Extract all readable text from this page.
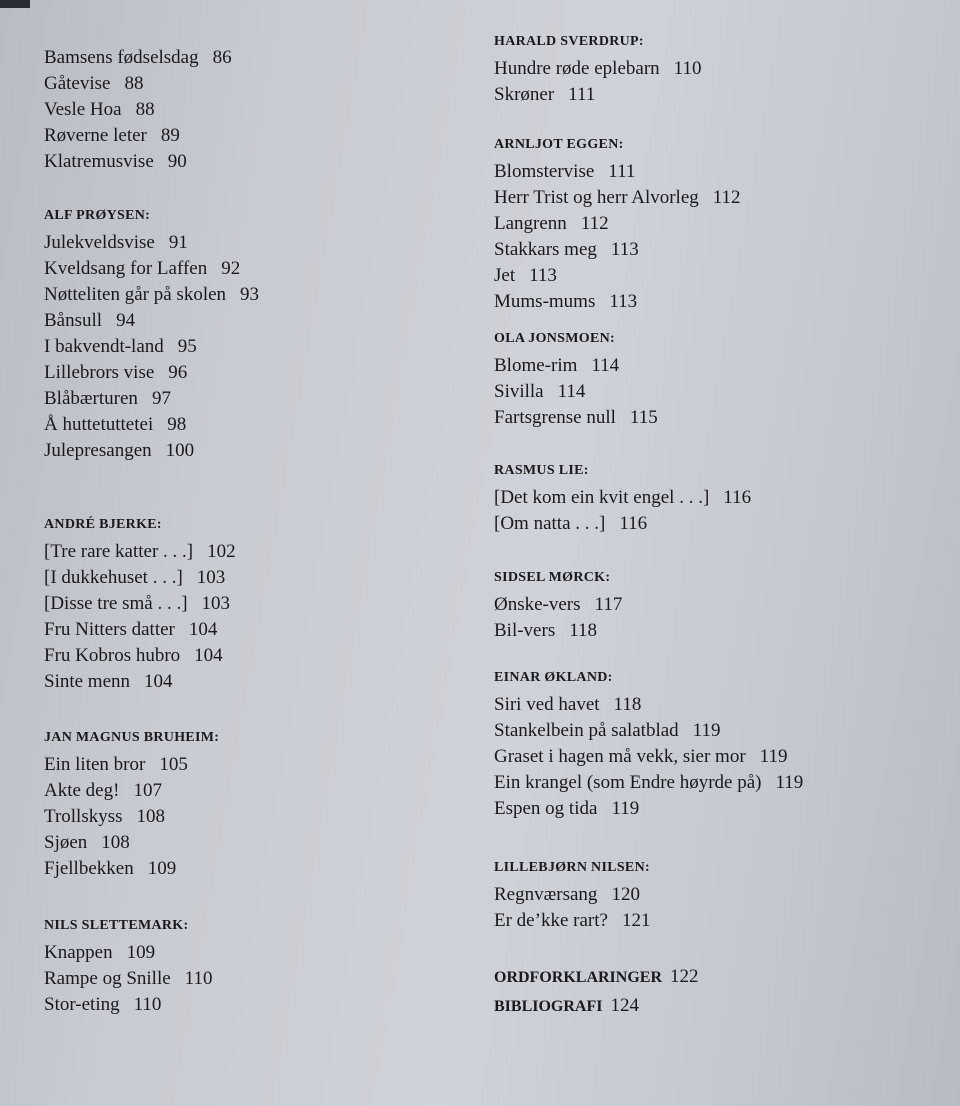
Bamsens fødselsdag 86

Gåtevise 88

Vesle Hoa 88

Røverne leter 89

Klatremusvise 90

ALF PRØYSEN:

Julekveldsvise 91

Kveldsang for Laffen 92

Nøtteliten går på skolen 93

Bånsull 94

I bakvendt-land 95

Lillebrors vise 96

Blåbærturen 97

Å huttetuttetei 98

Julepresangen 100

ANDRÉ BJERKE:

[Tre rare katter . . .] 102

[I dukkehuset . . .] 103

[Disse tre små . . .] 103

Fru Nitters datter 104

Fru Kobros hubro 104

Sinte menn 104

JAN MAGNUS BRUHEIM:

Ein liten bror 105

Akte deg! 107

Trollskyss 108

Sjøen 108

Fjellbekken 109

NILS SLETTEMARK:

Knappen 109

Rampe og Snille 110

Stor-eting 110

HARALD SVERDRUP:

Hundre røde eplebarn 110

Skrøner 111

ARNLJOT EGGEN:

Blomstervise 111

Herr Trist og herr Alvorleg 112

Langrenn 112

Stakkars meg 113

Jet 113

Mums-mums 113

OLA JONSMOEN:

Blome-rim 114

Sivilla 114

Fartsgrense null 115

RASMUS LIE:

[Det kom ein kvit engel . . .] 116

[Om natta . . .] 116

SIDSEL MØRCK:

Ønske-vers 117

Bil-vers 118

EINAR ØKLAND:

Siri ved havet 118

Stankelbein på salatblad 119

Graset i hagen må vekk, sier mor 119

Ein krangel (som Endre høyrde på) 119

Espen og tida 119

LILLEBJØRN NILSEN:

Regnværsang 120

Er de’kke rart? 121

ORDFORKLARINGER 122
BIBLIOGRAFI 124
